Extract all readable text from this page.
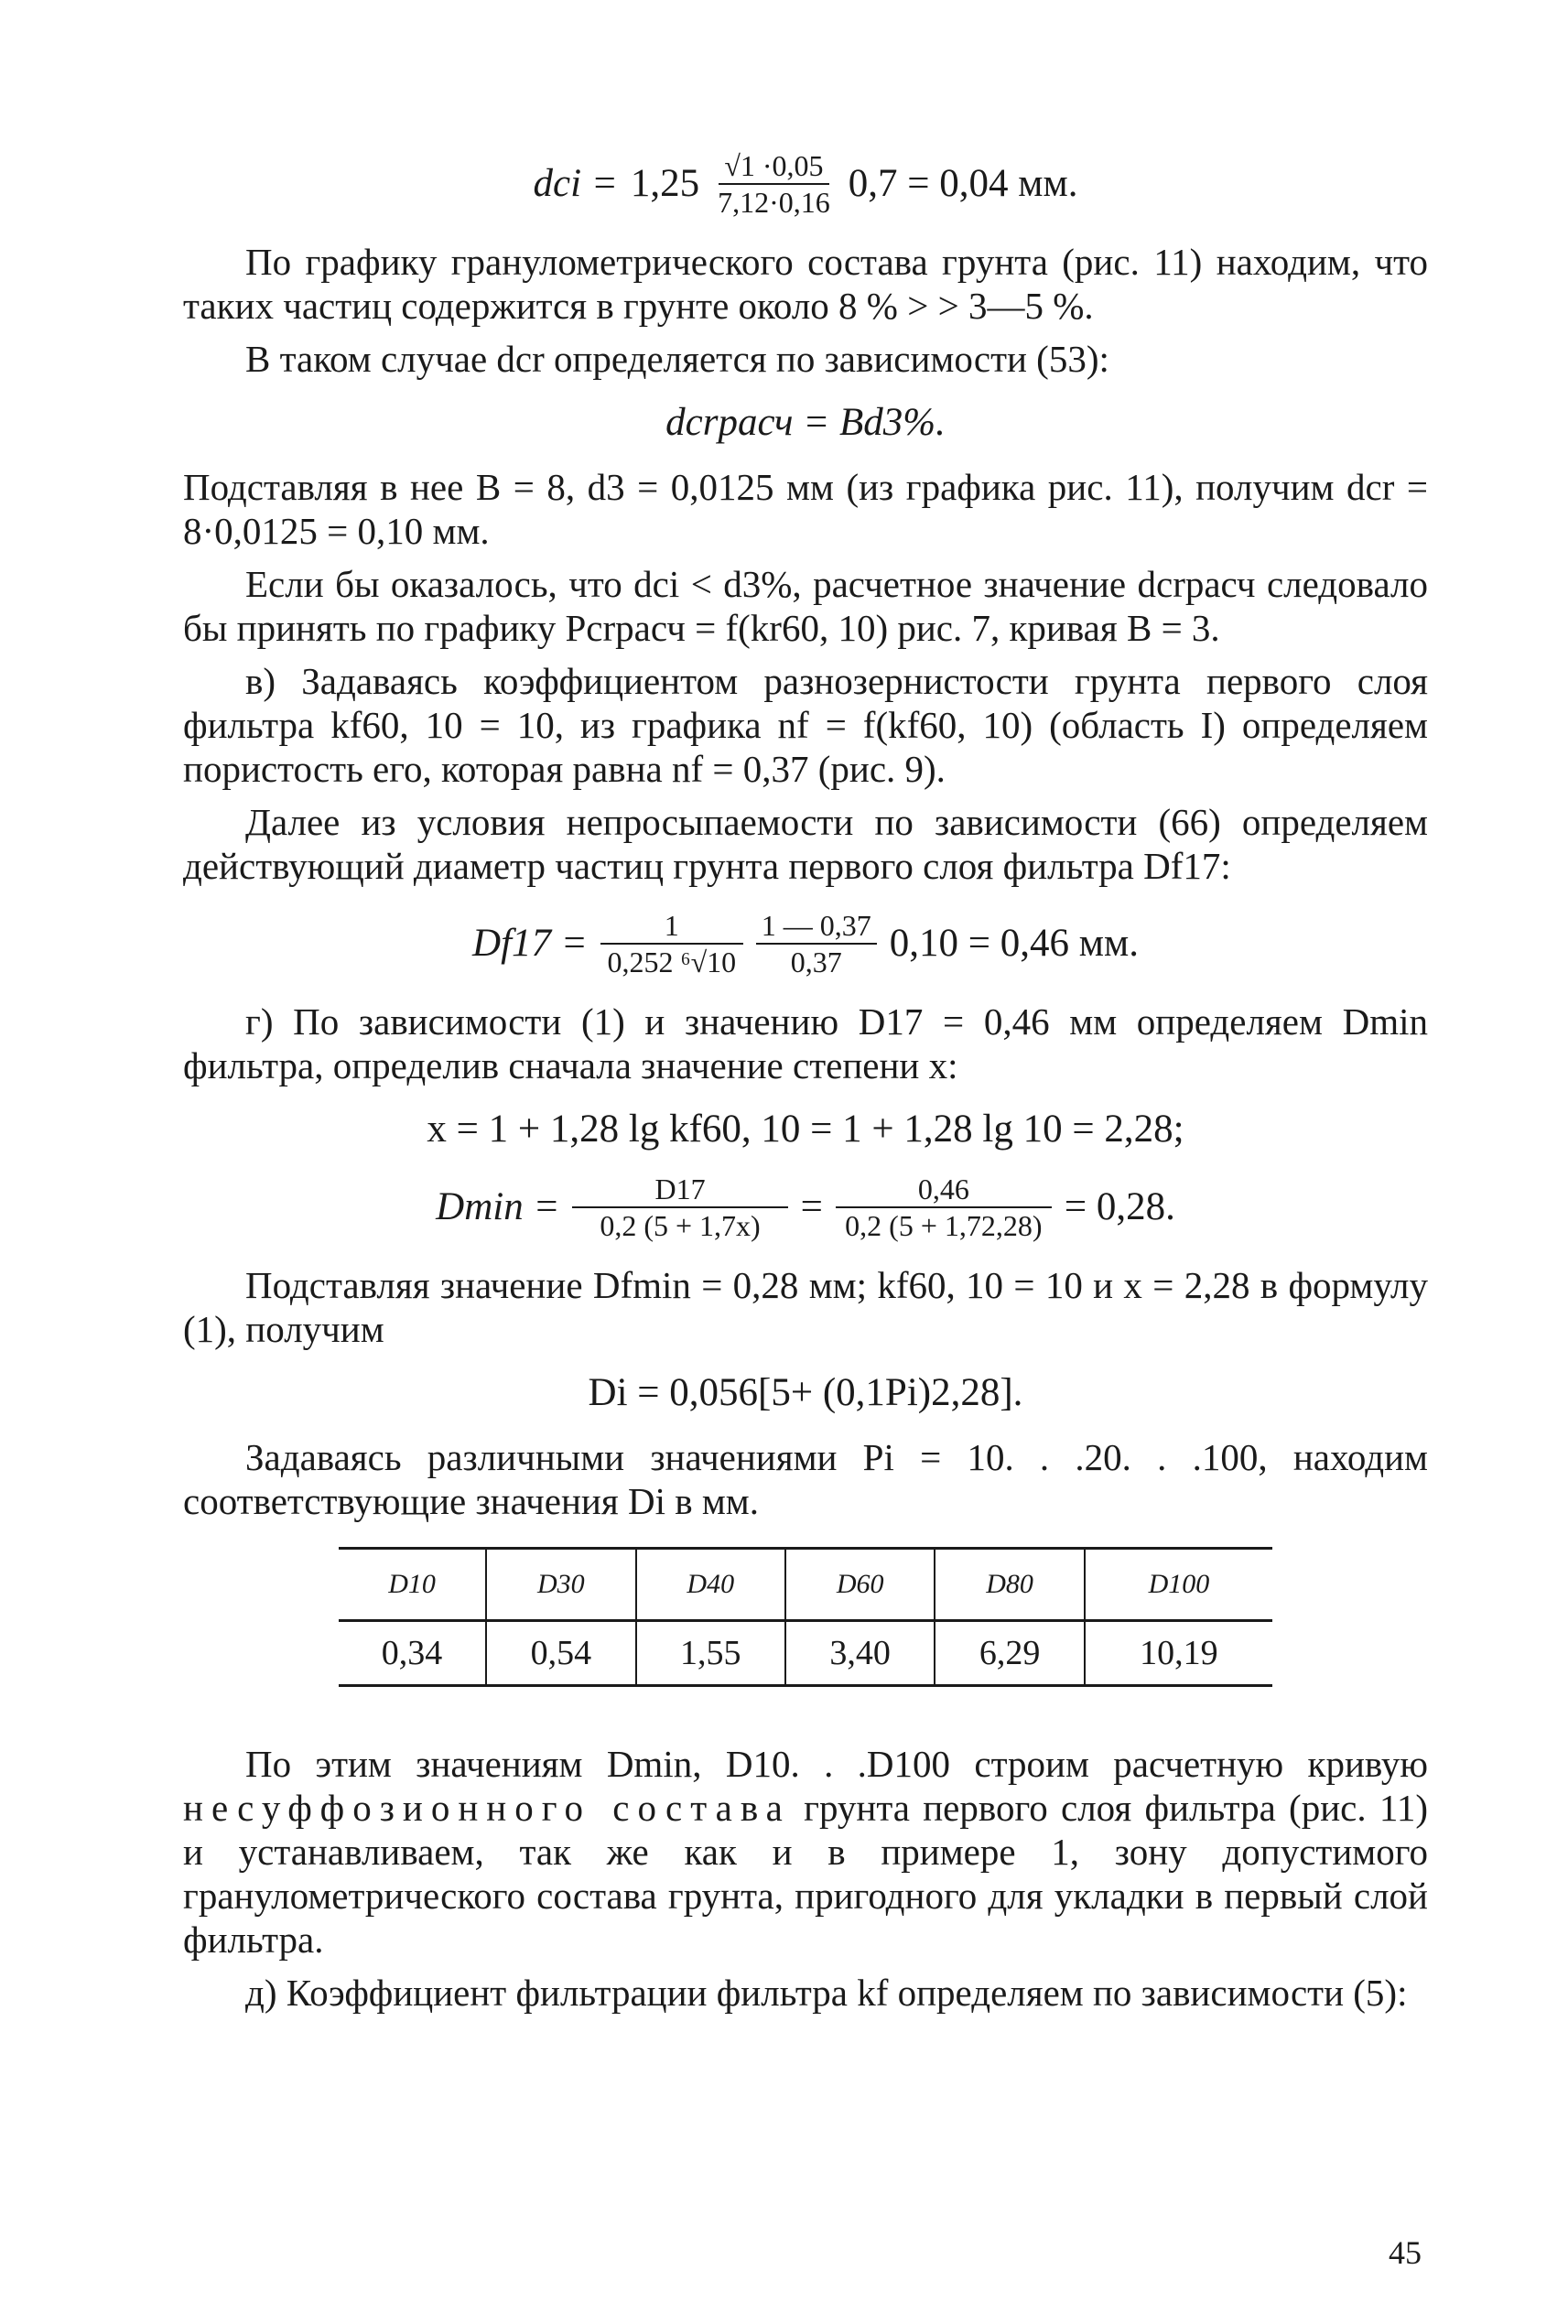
dci = $1,25 \frac{√1 \cdot 0,05}{7,12\cdot 0,16} 0,7 = 0,04$ мм.

По графику гранулометрического состава грунта (рис. 11) находим, что таких частиц содержится в грунте около 8 % > > 3—5 %.

В таком случае dcr определяется по зависимости (53):

dcrрасч = Bd3%.

Подставляя в нее B = 8, d3 = 0,0125 мм (из графика рис. 11), получим dcr = 8·0,0125 = 0,10 мм.

Если бы оказалось, что dci < d3%, расчетное значение dcrрасч следовало бы принять по графику Pcrрасч = f(kr60, 10) рис. 7, кривая B = 3.

в) Задаваясь коэффициентом разнозернистости грунта первого слоя фильтра kf60, 10 = 10, из графика nf = f(kf60, 10) (область I) определяем пористость его, которая равна nf = 0,37 (рис. 9).

Далее из условия непросыпаемости по зависимости (66) определяем действующий диаметр частиц грунта первого слоя фильтра Df17:

$Df17 = \frac{1}{\text{0,252 ⁶√10}} \frac{1 — 0,37}{0,37} 0,10 = 0,46$ мм.

г) По зависимости (1) и значению D17 = 0,46 мм определяем Dmin фильтра, определив сначала значение степени x:

x = 1 + 1,28 lg kf60, 10 = 1 + 1,28 lg 10 = 2,28;
$Dmin = \frac{D17}{0,2 (5 + 1,7x)} = \frac{0,46}{0,2 (5 + 1,72,28)} = 0,28$.

Подставляя значение Dfmin = 0,28 мм; kf60, 10 = 10 и x = 2,28 в формулу (1), получим

Di = 0,056[5+ (0,1Pi)2,28].

Задаваясь различными значениями Pi = 10. . .20. . .100, находим соответствующие значения Di в мм.

D10	D30	D40	D60	D80	D100
0,34	0,54	1,55	3,40	6,29	10,19

По этим значениям Dmin, D10. . .D100 строим расчетную кривую несуффозионного состава грунта первого слоя фильтра (рис. 11) и устанавливаем, так же как и в примере 1, зону допустимого гранулометрического состава грунта, пригодного для укладки в первый слой фильтра.

д) Коэффициент фильтрации фильтра kf определяем по зависимости (5):

45
